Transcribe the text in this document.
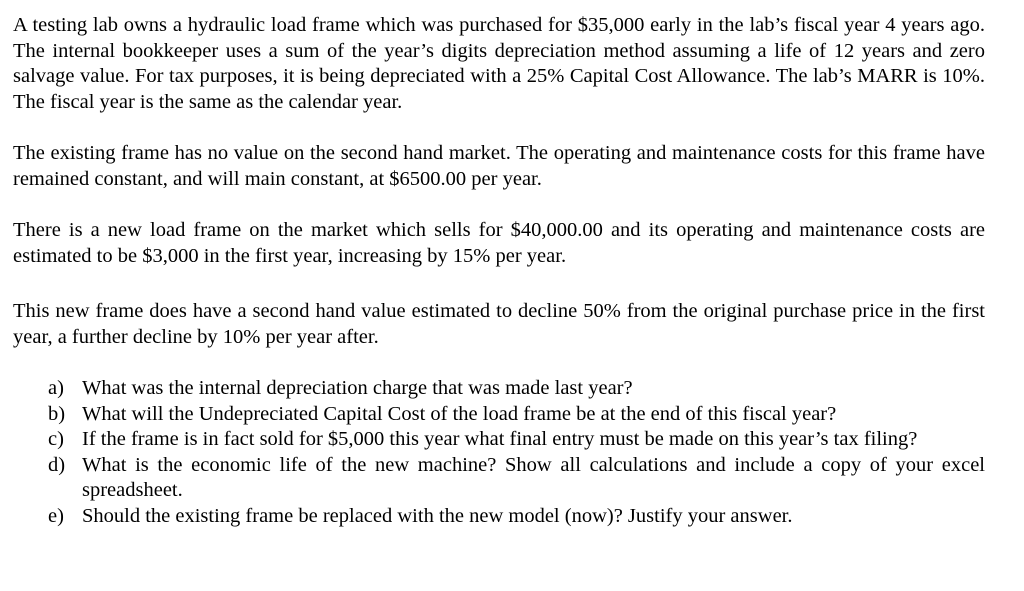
A testing lab owns a hydraulic load frame which was purchased for $35,000 early in the lab’s fiscal year 4 years ago. The internal bookkeeper uses a sum of the year’s digits depreciation method assuming a life of 12 years and zero salvage value. For tax purposes, it is being depreciated with a 25% Capital Cost Allowance. The lab’s MARR is 10%. The fiscal year is the same as the calendar year.

The existing frame has no value on the second hand market. The operating and maintenance costs for this frame have remained constant, and will main constant, at $6500.00 per year.

There is a new load frame on the market which sells for $40,000.00 and its operating and maintenance costs are estimated to be $3,000 in the first year, increasing by 15% per year.

This new frame does have a second hand value estimated to decline 50% from the original purchase price in the first year, a further decline by 10% per year after.

a) What was the internal depreciation charge that was made last year?
b) What will the Undepreciated Capital Cost of the load frame be at the end of this fiscal year?
c) If the frame is in fact sold for $5,000 this year what final entry must be made on this year’s tax filing?
d) What is the economic life of the new machine? Show all calculations and include a copy of your excel spreadsheet.
e) Should the existing frame be replaced with the new model (now)? Justify your answer.
